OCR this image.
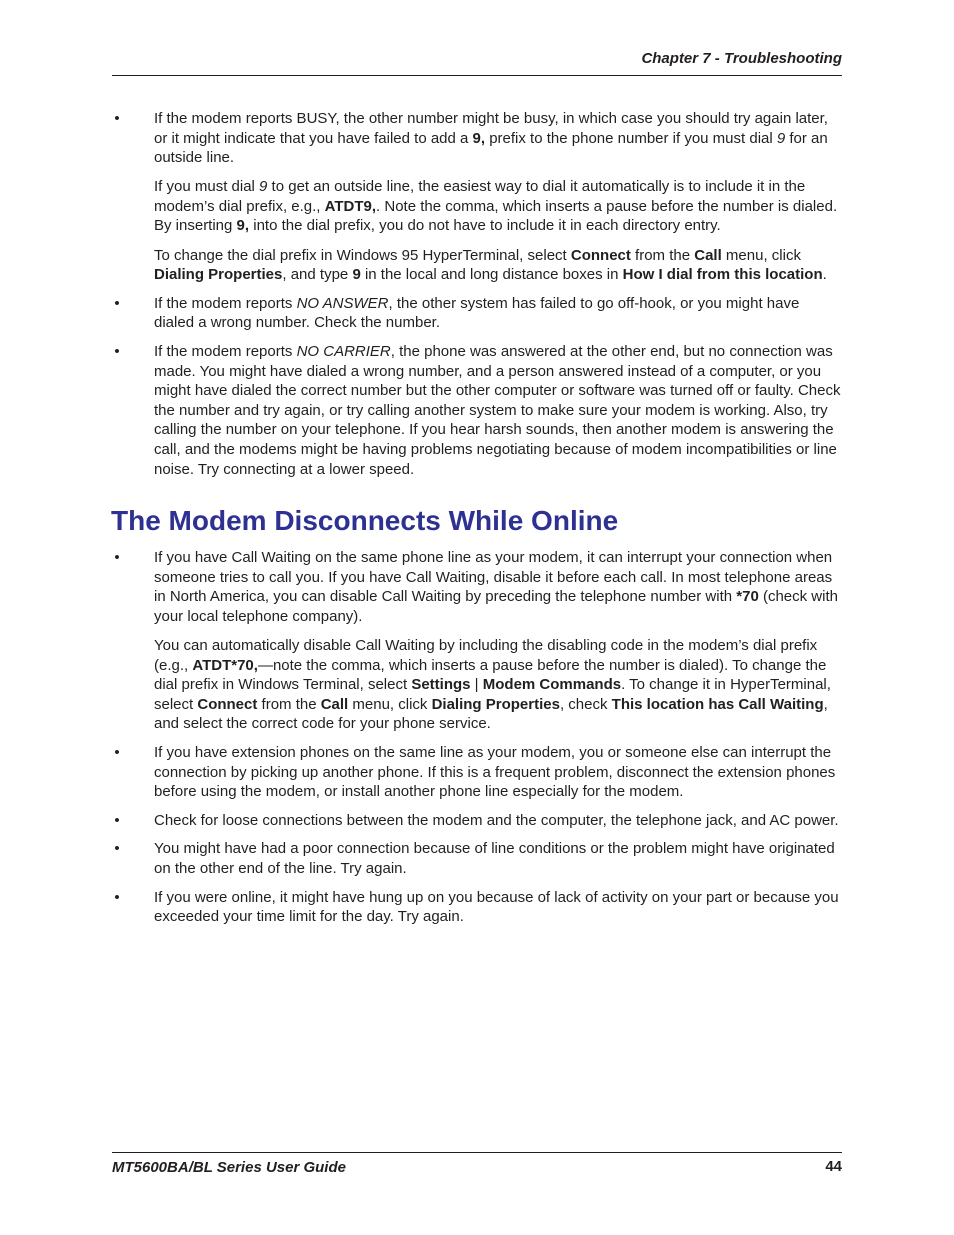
Chapter 7 - Troubleshooting
• If the modem reports BUSY, the other number might be busy, in which case you should try again later, or it might indicate that you have failed to add a 9, prefix to the phone number if you must dial 9 for an outside line.

If you must dial 9 to get an outside line, the easiest way to dial it automatically is to include it in the modem’s dial prefix, e.g., ATDT9,. Note the comma, which inserts a pause before the number is dialed. By inserting 9, into the dial prefix, you do not have to include it in each directory entry.

To change the dial prefix in Windows 95 HyperTerminal, select Connect from the Call menu, click Dialing Properties, and type 9 in the local and long distance boxes in How I dial from this location.

• If the modem reports NO ANSWER, the other system has failed to go off-hook, or you might have dialed a wrong number. Check the number.

• If the modem reports NO CARRIER, the phone was answered at the other end, but no connection was made. You might have dialed a wrong number, and a person answered instead of a computer, or you might have dialed the correct number but the other computer or software was turned off or faulty. Check the number and try again, or try calling another system to make sure your modem is working. Also, try calling the number on your telephone. If you hear harsh sounds, then another modem is answering the call, and the modems might be having problems negotiating because of modem incompatibilities or line noise. Try connecting at a lower speed.

The Modem Disconnects While Online
• If you have Call Waiting on the same phone line as your modem, it can interrupt your connection when someone tries to call you. If you have Call Waiting, disable it before each call. In most telephone areas in North America, you can disable Call Waiting by preceding the telephone number with *70 (check with your local telephone company).

You can automatically disable Call Waiting by including the disabling code in the modem’s dial prefix (e.g., ATDT*70,—note the comma, which inserts a pause before the number is dialed). To change the dial prefix in Windows Terminal, select Settings | Modem Commands. To change it in HyperTerminal, select Connect from the Call menu, click Dialing Properties, check This location has Call Waiting, and select the correct code for your phone service.

• If you have extension phones on the same line as your modem, you or someone else can interrupt the connection by picking up another phone. If this is a frequent problem, disconnect the extension phones before using the modem, or install another phone line especially for the modem.

• Check for loose connections between the modem and the computer, the telephone jack, and AC power.

• You might have had a poor connection because of line conditions or the problem might have originated on the other end of the line. Try again.

• If you were online, it might have hung up on you because of lack of activity on your part or because you exceeded your time limit for the day. Try again.

MT5600BA/BL Series User Guide	44
